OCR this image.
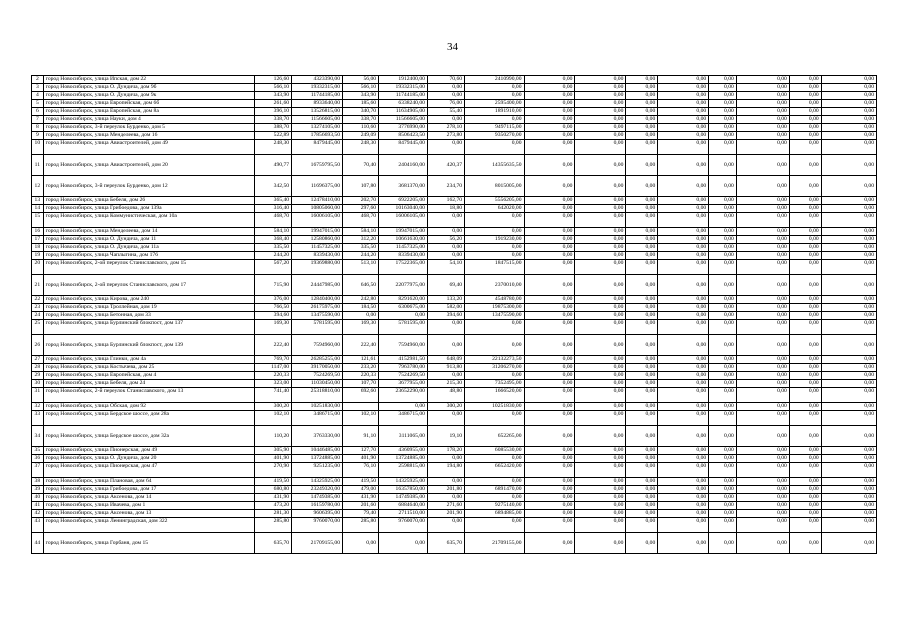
34
2	город Новосибирск, улица Ипская, дом 22	126,60	4323390,00	56,00	1912400,00	70,60	2410990,00	0,00	0,00	0,00	0,00	0,00	0,00	0,00	0,00
3	город Новосибирск, улица О. Дундича, дом 9б	566,10	19332315,00	566,10	19332315,00	0,00	0,00	0,00	0,00	0,00	0,00	0,00	0,00	0,00	0,00
4	город Новосибирск, улица О. Дундича, дом 9к	343,90	11744185,00	343,90	11744185,00	0,00	0,00	0,00	0,00	0,00	0,00	0,00	0,00	0,00	0,00
5	город Новосибирск, улица Европейская, дом 6б	261,60	8933640,00	185,60	6338240,00	76,00	2595400,00	0,00	0,00	0,00	0,00	0,00	0,00	0,00	0,00
6	город Новосибирск, улица Европейская, дом 8а	396,10	13526815,00	340,70	11634905,00	55,40	1891910,00	0,00	0,00	0,00	0,00	0,00	0,00	0,00	0,00
7	город Новосибирск, улица Науки, дом 4	338,70	11566605,00	338,70	11566605,00	0,00	0,00	0,00	0,00	0,00	0,00	0,00	0,00	0,00	0,00
8	город Новосибирск, 3-й переулок Бурденко, дом 5	388,70	13274105,00	110,60	3776990,00	278,10	9497115,00	0,00	0,00	0,00	0,00	0,00	0,00	0,00	0,00
9	город Новосибирск, улица Менделеева, дом 16	522,89	17856693,50	249,09	8506423,50	273,80	9350270,00	0,00	0,00	0,00	0,00	0,00	0,00	0,00	0,00
10	город Новосибирск, улица Авиастроителей, дом 49	248,30	8479445,00	248,30	8479445,00	0,00	0,00	0,00	0,00	0,00	0,00	0,00	0,00	0,00	0,00
11	город Новосибирск, улица Авиастроителей, дом 20	490,77	16759795,50	70,40	2404160,00	420,37	14355635,50	0,00	0,00	0,00	0,00	0,00	0,00	0,00	0,00
12	город Новосибирск, 3-й переулок Бурденко, дом 12	342,50	11696375,00	107,80	3681370,00	234,70	8015005,00	0,00	0,00	0,00	0,00	0,00	0,00	0,00	0,00
13	город Новосибирск, улица Бебеля, дом 26	365,40	12478410,00	202,70	6922205,00	162,70	5556205,00	0,00	0,00	0,00	0,00	0,00	0,00	0,00	0,00
14	город Новосибирск, улица Грибоедова, дом 139а	316,40	10805060,00	297,60	10163040,00	18,80	642020,00	0,00	0,00	0,00	0,00	0,00	0,00	0,00	0,00
15	город Новосибирск, улица Коммунистическая, дом 10а	468,70	16006105,00	468,70	16006105,00	0,00	0,00	0,00	0,00	0,00	0,00	0,00	0,00	0,00	0,00
16	город Новосибирск, улица Менделеева, дом 14	584,10	19947015,00	584,10	19947015,00	0,00	0,00	0,00	0,00	0,00	0,00	0,00	0,00	0,00	0,00
17	город Новосибирск, улица О. Дундича, дом 11	368,40	12580860,00	312,20	10661630,00	56,20	1919230,00	0,00	0,00	0,00	0,00	0,00	0,00	0,00	0,00
18	город Новосибирск, улица О. Дундича, дом 11а	335,50	11457325,00	335,50	11457325,00	0,00	0,00	0,00	0,00	0,00	0,00	0,00	0,00	0,00	0,00
19	город Новосибирск, улица Чаплыгина, дом 176	244,20	8339430,00	244,20	8339430,00	0,00	0,00	0,00	0,00	0,00	0,00	0,00	0,00	0,00	0,00
20	город Новосибирск, 2-ой переулок Станиславского, дом 15	567,20	19369880,00	513,10	17522365,00	54,10	1847515,00	0,00	0,00	0,00	0,00	0,00	0,00	0,00	0,00
21	город Новосибирск, 2-ой переулок Станиславского, дом 17	715,90	24447985,00	646,50	22077975,00	69,40	2370010,00	0,00	0,00	0,00	0,00	0,00	0,00	0,00	0,00
22	город Новосибирск, улица Кирова, дом 240	376,00	12840400,00	242,80	8291620,00	133,20	4548780,00	0,00	0,00	0,00	0,00	0,00	0,00	0,00	0,00
23	город Новосибирск, улица Троллейная, дом 19	766,50	26175975,00	184,50	6300675,00	582,00	19875300,00	0,00	0,00	0,00	0,00	0,00	0,00	0,00	0,00
24	город Новосибирск, улица Бетонная, дом 33	394,60	13475590,00	0,00	0,00	394,60	13475590,00	0,00	0,00	0,00	0,00	0,00	0,00	0,00	0,00
25	город Новосибирск, улица Бурлинский блокпост, дом 137	169,30	5781595,00	169,30	5781595,00	0,00	0,00	0,00	0,00	0,00	0,00	0,00	0,00	0,00	0,00
26	город Новосибирск, улица Бурлинский блокпост, дом 139	222,40	7594960,00	222,40	7594960,00	0,00	0,00	0,00	0,00	0,00	0,00	0,00	0,00	0,00	0,00
27	город Новосибирск, улица Глинки, дом 4а	769,70	26285255,00	121,61	4152981,50	648,09	22132273,50	0,00	0,00	0,00	0,00	0,00	0,00	0,00	0,00
28	город Новосибирск, улица Костычева, дом 25	1147,00	39170050,00	233,20	7963780,00	913,80	31206270,00	0,00	0,00	0,00	0,00	0,00	0,00	0,00	0,00
29	город Новосибирск, улица Европейская, дом 4	220,33	7524269,50	220,33	7524269,50	0,00	0,00	0,00	0,00	0,00	0,00	0,00	0,00	0,00	0,00
30	город Новосибирск, улица Бебеля, дом 24	323,00	11030450,00	107,70	3677955,00	215,30	7352495,00	0,00	0,00	0,00	0,00	0,00	0,00	0,00	0,00
31	город Новосибирск, 2-й переулок Станиславского, дом 13	741,40	25318810,00	692,60	23652290,00	48,80	1666520,00	0,00	0,00	0,00	0,00	0,00	0,00	0,00	0,00
32	город Новосибирск, улица Обская, дом 92	300,20	10251830,00		0,00	300,20	10251830,00	0,00	0,00	0,00	0,00	0,00	0,00	0,00	0,00
33	город Новосибирск, улица Бердское шоссе, дом 28а	102,10	3486715,00	102,10	3486715,00	0,00	0,00	0,00	0,00	0,00	0,00	0,00	0,00	0,00	0,00
34	город Новосибирск, улица Бердское шоссе, дом 32а	110,20	3763330,00	91,10	3111065,00	19,10	652265,00	0,00	0,00	0,00	0,00	0,00	0,00	0,00	0,00
35	город Новосибирск, улица Пионерская, дом 49	305,90	10446485,00	127,70	4360955,00	178,20	6085530,00	0,00	0,00	0,00	0,00	0,00	0,00	0,00	0,00
36	город Новосибирск, улица О. Дундича, дом 20	401,90	13724885,00	401,90	13724885,00	0,00	0,00	0,00	0,00	0,00	0,00	0,00	0,00	0,00	0,00
37	город Новосибирск, улица Пионерская, дом 47	270,90	9251235,00	76,10	2598815,00	194,80	6652420,00	0,00	0,00	0,00	0,00	0,00	0,00	0,00	0,00
38	город Новосибирск, улица Плановая, дом 64	419,50	14325925,00	419,50	14325925,00	0,00	0,00	0,00	0,00	0,00	0,00	0,00	0,00	0,00	0,00
39	город Новосибирск, улица Грибоедова, дом 17	680,80	23249320,00	479,00	16357850,00	201,80	6891470,00	0,00	0,00	0,00	0,00	0,00	0,00	0,00	0,00
40	город Новосибирск, улица Аксенова, дом 14	431,90	14749385,00	431,90	14749385,00	0,00	0,00	0,00	0,00	0,00	0,00	0,00	0,00	0,00	0,00
41	город Новосибирск, улица Ивачева, дом 1	473,20	16159780,00	201,60	6884640,00	271,60	9275140,00	0,00	0,00	0,00	0,00	0,00	0,00	0,00	0,00
42	город Новосибирск, улица Аксенова, дом 13	281,30	9606395,00	79,40	2711510,00	201,90	6894885,00	0,00	0,00	0,00	0,00	0,00	0,00	0,00	0,00
43	город Новосибирск, улица Ленинградская, дом 322	285,80	9760070,00	285,80	9760070,00	0,00	0,00	0,00	0,00	0,00	0,00	0,00	0,00	0,00	0,00
44	город Новосибирск, улица Горбаня, дом 15	635,70	21709155,00	0,00	0,00	635,70	21709155,00	0,00	0,00	0,00	0,00	0,00	0,00	0,00	0,00
